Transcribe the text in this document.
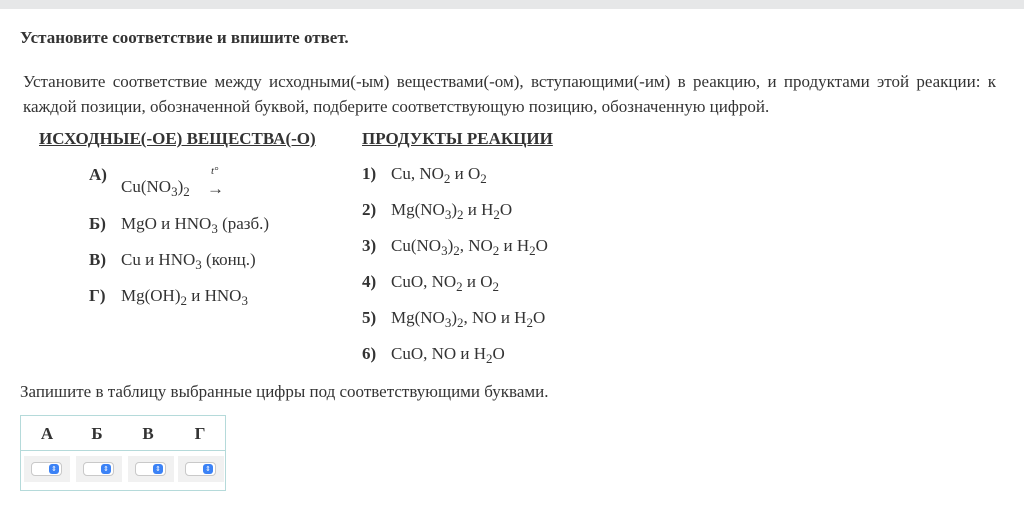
Установите соответствие и впишите ответ.
Установите соответствие между исходными(-ым) веществами(-ом), вступающими(-им) в реакцию, и продуктами этой реакции: к каждой позиции, обозначенной буквой, подберите соответствующую позицию, обозначенную цифрой.
ИСХОДНЫЕ(-ОЕ) ВЕЩЕСТВА(-О)	ПРОДУКТЫ РЕАКЦИИ
А)
$Cu(NO_3)_2$
t°
→
Б) MgO и $HNO_3$ (разб.)
В) Cu и $HNO_3$ (конц.)
Г) $Mg(OH)_2$ и $HNO_3$
1) Cu, $NO_2$ и $O_2$
2) $Mg(NO_3)_2$ и $H_2O$
3) $Cu(NO_3)_2$, $NO_2$ и $H_2O$
4) CuO, $NO_2$ и $O_2$
5) $Mg(NO_3)_2$, NO и $H_2O$
6) CuO, NO и $H_2O$
Запишите в таблицу выбранные цифры под соответствующими буквами.
А	Б	В	Г
⇕	⇕	⇕	⇕
